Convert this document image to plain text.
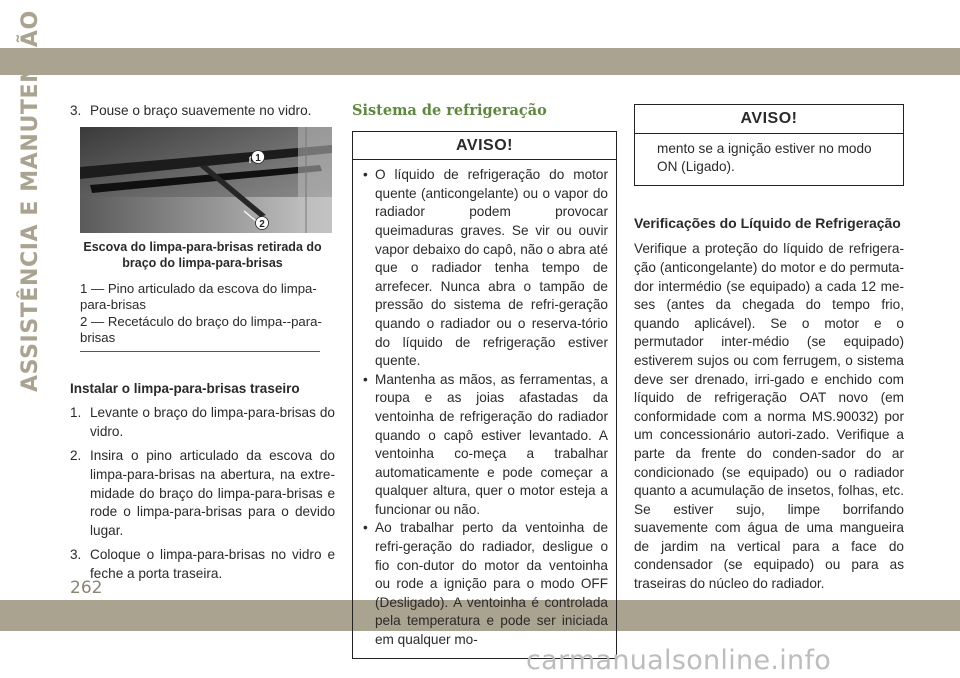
ASSISTÊNCIA E MANUTENÇÃO	3. Pouse o braço suavemente no vidro.
1
2
Escova do limpa-para-brisas retirada do braço do limpa-para-brisas
1 — Pino articulado da escova do limpa-para-brisas
2 — Recetáculo do braço do limpa--para-brisas
Instalar o limpa-para-brisas traseiro
1. Levante o braço do limpa-para-brisas do vidro.
2. Insira o pino articulado da escova do limpa-para-brisas na abertura, na extre-midade do braço do limpa-para-brisas e rode o limpa-para-brisas para o devido lugar.
3. Coloque o limpa-para-brisas no vidro e feche a porta traseira.
Sistema de refrigeração
AVISO!
• O líquido de refrigeração do motor quente (anticongelante) ou o vapor do radiador podem provocar queimaduras graves. Se vir ou ouvir vapor debaixo do capô, não o abra até que o radiador tenha tempo de arrefecer. Nunca abra o tampão de pressão do sistema de refri-geração quando o radiador ou o reserva-tório do líquido de refrigeração estiver quente.
• Mantenha as mãos, as ferramentas, a roupa e as joias afastadas da ventoinha de refrigeração do radiador quando o capô estiver levantado. A ventoinha co-meça a trabalhar automaticamente e pode começar a qualquer altura, quer o motor esteja a funcionar ou não.
• Ao trabalhar perto da ventoinha de refri-geração do radiador, desligue o fio con-dutor do motor da ventoinha ou rode a ignição para o modo OFF (Desligado). A ventoinha é controlada pela temperatura e pode ser iniciada em qualquer mo-
AVISO!
mento se a ignição estiver no modo ON (Ligado).
Verificações do Líquido de Refrigeração
Verifique a proteção do líquido de refrigera-ção (anticongelante) do motor e do permuta-dor intermédio (se equipado) a cada 12 me-ses (antes da chegada do tempo frio, quando aplicável). Se o motor e o permutador inter-médio (se equipado) estiverem sujos ou com ferrugem, o sistema deve ser drenado, irri-gado e enchido com líquido de refrigeração OAT novo (em conformidade com a norma MS.90032) por um concessionário autori-zado. Verifique a parte da frente do conden-sador do ar condicionado (se equipado) ou o radiador quanto a acumulação de insetos, folhas, etc. Se estiver sujo, limpe borrifando suavemente com água de uma mangueira de jardim na vertical para a face do condensador (se equipado) ou para as traseiras do núcleo do radiador.
262
carmanualsonline.info
